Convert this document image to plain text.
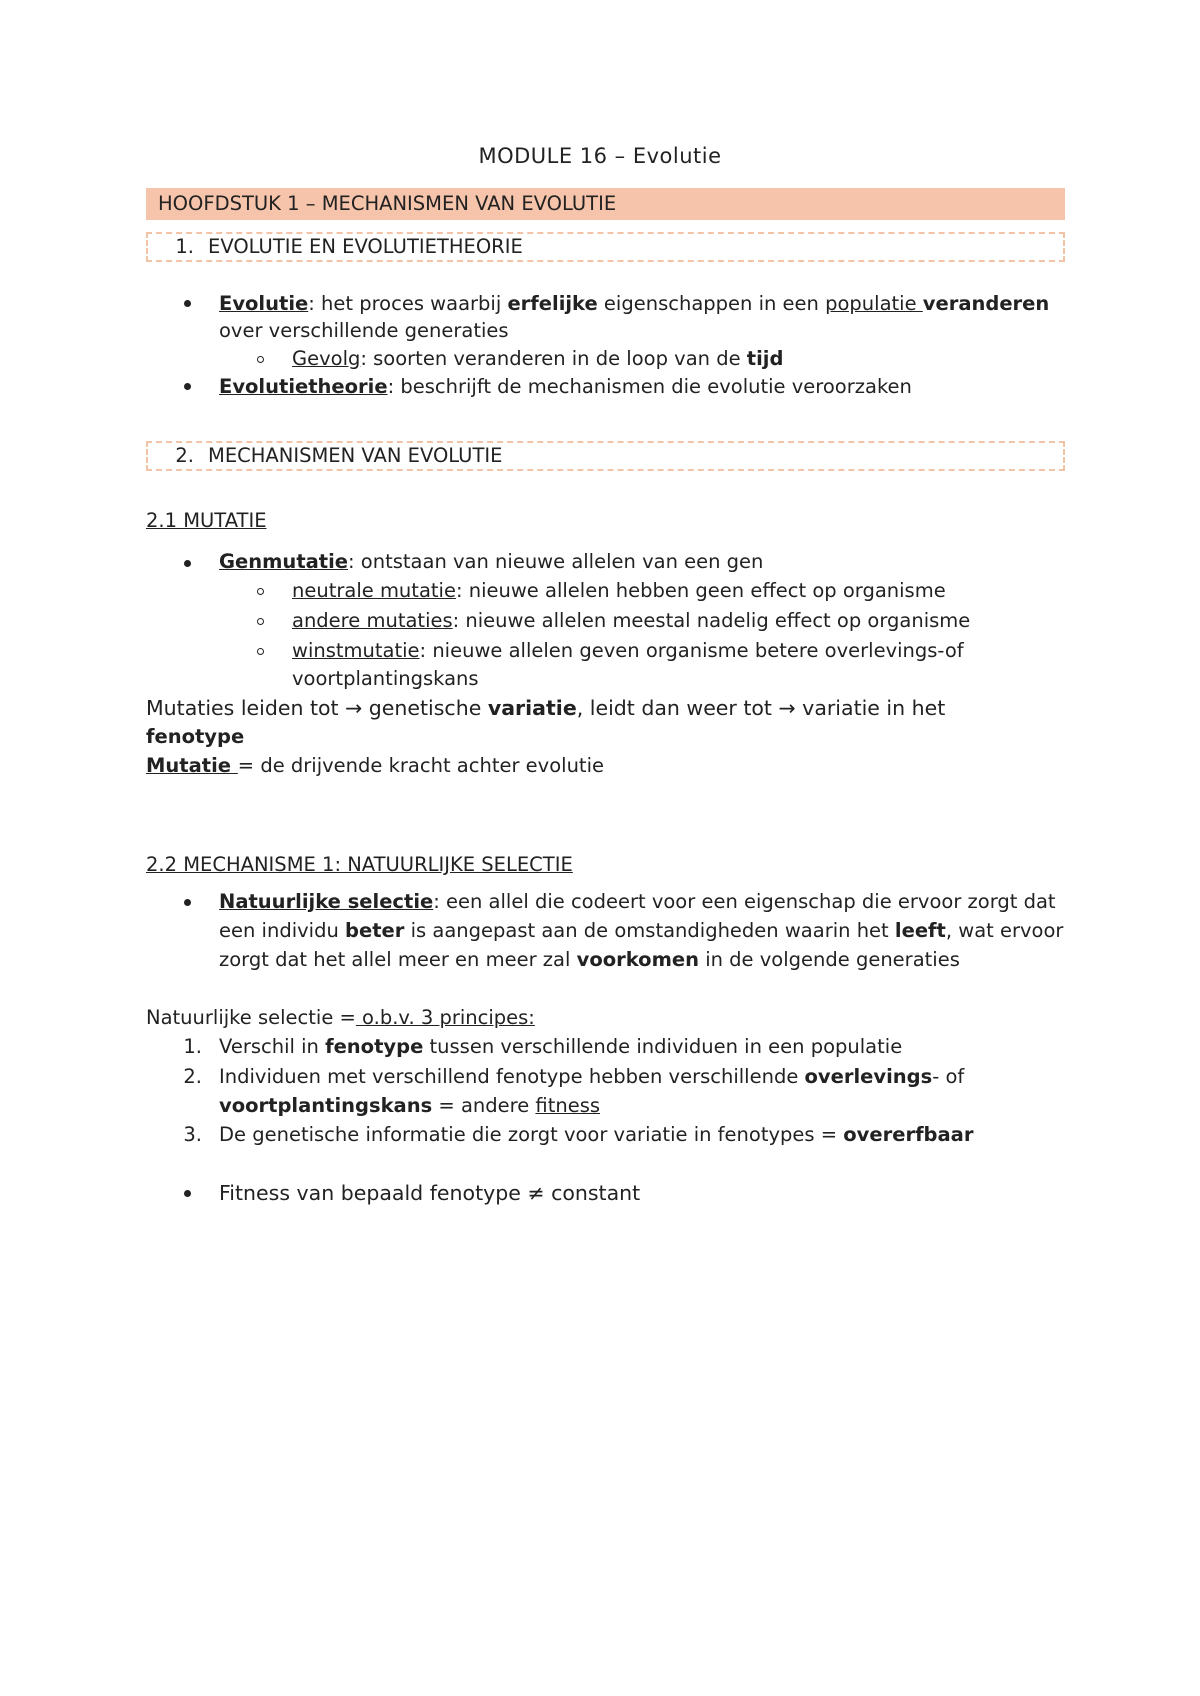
MODULE 16 – Evolutie
HOOFDSTUK 1 – MECHANISMEN VAN EVOLUTIE
1. EVOLUTIE EN EVOLUTIETHEORIE
Evolutie: het proces waarbij erfelijke eigenschappen in een populatie veranderen
over verschillende generaties
Gevolg: soorten veranderen in de loop van de tijd
Evolutietheorie: beschrijft de mechanismen die evolutie veroorzaken
2. MECHANISMEN VAN EVOLUTIE
2.1 MUTATIE
Genmutatie: ontstaan van nieuwe allelen van een gen
neutrale mutatie: nieuwe allelen hebben geen effect op organisme
andere mutaties: nieuwe allelen meestal nadelig effect op organisme
winstmutatie: nieuwe allelen geven organisme betere overlevings-of
voortplantingskans
Mutaties leiden tot → genetische variatie, leidt dan weer tot → variatie in het
fenotype
Mutatie = de drijvende kracht achter evolutie
2.2 MECHANISME 1: NATUURLIJKE SELECTIE
Natuurlijke selectie: een allel die codeert voor een eigenschap die ervoor zorgt dat
een individu beter is aangepast aan de omstandigheden waarin het leeft, wat ervoor
zorgt dat het allel meer en meer zal voorkomen in de volgende generaties
Natuurlijke selectie = o.b.v. 3 principes:
1. Verschil in fenotype tussen verschillende individuen in een populatie
2. Individuen met verschillend fenotype hebben verschillende overlevings- of
voortplantingskans = andere fitness
3. De genetische informatie die zorgt voor variatie in fenotypes = overerfbaar
Fitness van bepaald fenotype ≠ constant
